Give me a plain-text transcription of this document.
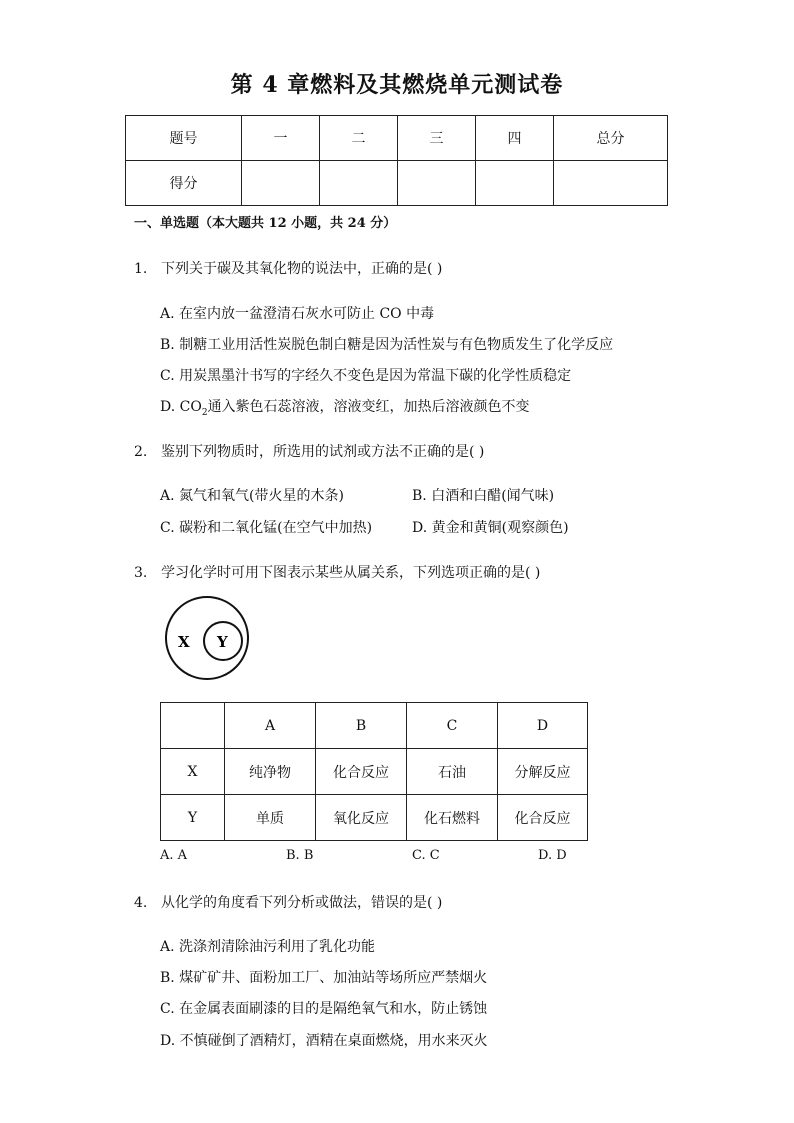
第 4 章燃料及其燃烧单元测试卷
题号	一	二	三	四	总分
得分					
一、单选题（本大题共 12 小题，共 24 分）
1. 下列关于碳及其氧化物的说法中，正确的是( )
A. 在室内放一盆澄清石灰水可防止 CO 中毒
B. 制糖工业用活性炭脱色制白糖是因为活性炭与有色物质发生了化学反应
C. 用炭黑墨汁书写的字经久不变色是因为常温下碳的化学性质稳定
D. $CO_2$通入紫色石蕊溶液，溶液变红，加热后溶液颜色不变
2. 鉴别下列物质时，所选用的试剂或方法不正确的是( )
A. 氮气和氧气(带火星的木条)	B. 白酒和白醋(闻气味)
C. 碳粉和二氧化锰(在空气中加热)	D. 黄金和黄铜(观察颜色)
3. 学习化学时可用下图表示某些从属关系，下列选项正确的是( )
X Y
	A	B	C	D
X	纯净物	化合反应	石油	分解反应
Y	单质	氧化反应	化石燃料	化合反应
A. A	B. B	C. C	D. D
4. 从化学的角度看下列分析或做法，错误的是( )
A. 洗涤剂清除油污利用了乳化功能
B. 煤矿矿井、面粉加工厂、加油站等场所应严禁烟火
C. 在金属表面刷漆的目的是隔绝氧气和水，防止锈蚀
D. 不慎碰倒了酒精灯，酒精在桌面燃烧，用水来灭火
